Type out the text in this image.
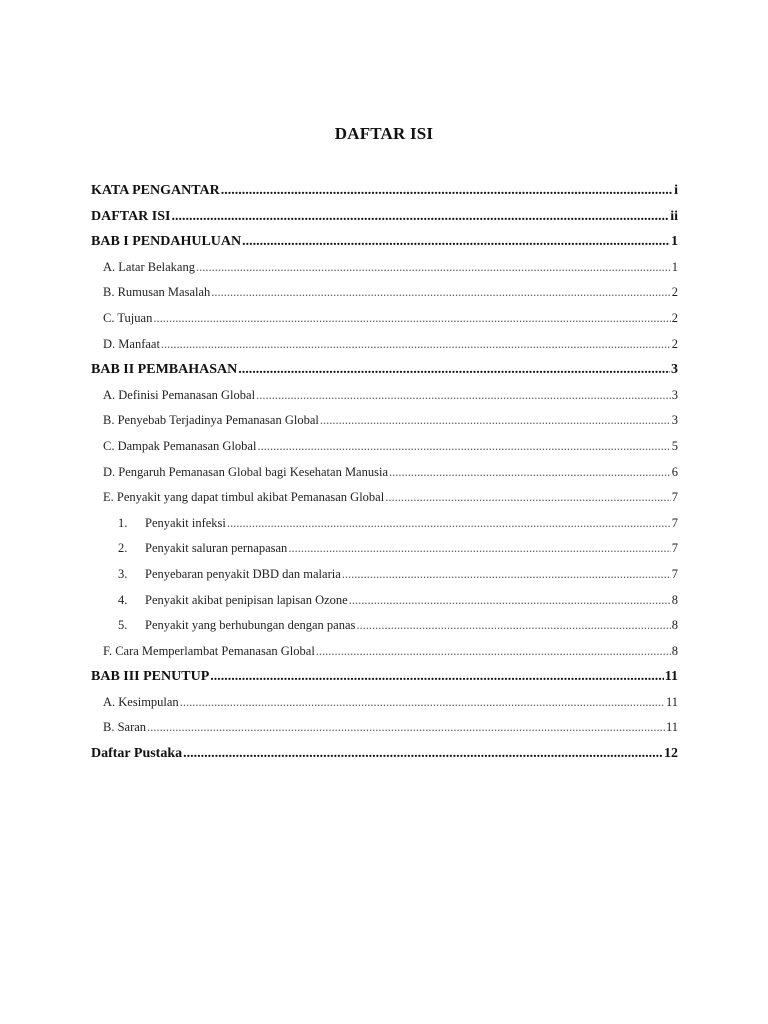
DAFTAR ISI
KATA PENGANTAR .....	i
DAFTAR ISI .....	ii
BAB I PENDAHULUAN .....	1
A. Latar Belakang .....	1
B. Rumusan Masalah .....	2
C. Tujuan .....	2
D. Manfaat .....	2
BAB II PEMBAHASAN .....	3
A. Definisi Pemanasan Global .....	3
B. Penyebab Terjadinya Pemanasan Global .....	3
C. Dampak Pemanasan Global .....	5
D. Pengaruh Pemanasan Global bagi Kesehatan Manusia .....	6
E. Penyakit yang dapat timbul akibat Pemanasan Global .....	7
1. Penyakit infeksi .....	7
2. Penyakit saluran pernapasan .....	7
3. Penyebaran penyakit DBD dan malaria .....	7
4. Penyakit akibat penipisan lapisan Ozone .....	8
5. Penyakit yang berhubungan dengan panas .....	8
F. Cara Memperlambat Pemanasan Global .....	8
BAB III PENUTUP .....	11
A. Kesimpulan .....	11
B. Saran .....	11
Daftar Pustaka .....	12
